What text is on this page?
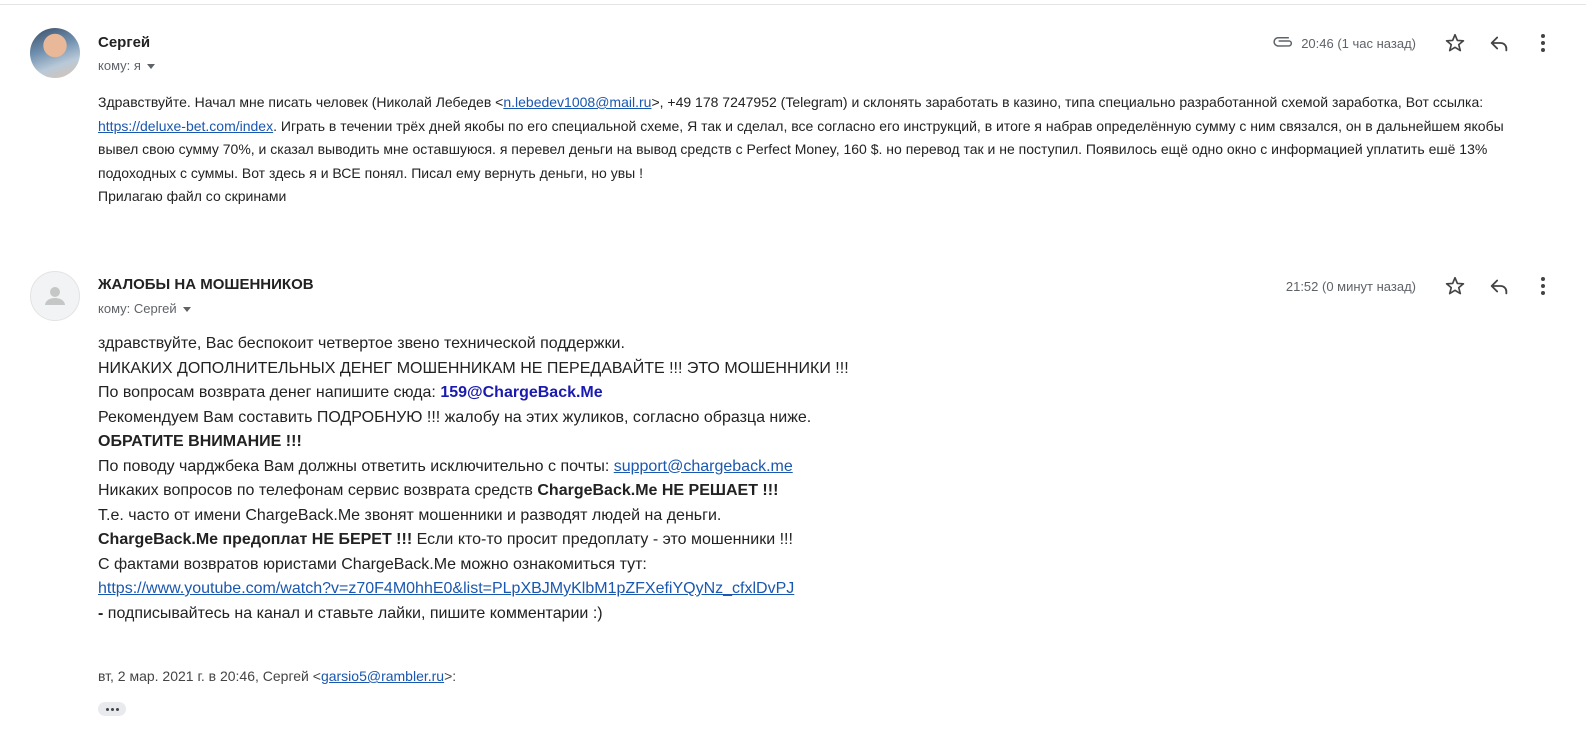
Сергей
кому: я
20:46 (1 час назад)
Здравствуйте. Начал мне писать человек (Николай Лебедев <n.lebedev1008@mail.ru>, +49 178 7247952 (Telegram) и склонять заработать в казино, типа специально разработанной схемой заработка, Вот ссылка: https://deluxe-bet.com/index. Играть в течении трёх дней якобы по его специальной схеме, Я так и сделал, все согласно его инструкций, в итоге я набрав определённую сумму с ним связался, он в дальнейшем якобы вывел свою сумму 70%, и сказал выводить мне оставшуюся. я перевел деньги на вывод средств с Perfect Money, 160 $. но перевод так и не поступил. Появилось ещё одно окно с информацией уплатить ешё 13% подоходных с суммы. Вот здесь я и ВСЕ понял. Писал ему вернуть деньги, но увы !
Прилагаю файл со скринами
ЖАЛОБЫ НА МОШЕННИКОВ
кому: Сергей
21:52 (0 минут назад)
здравствуйте, Вас беспокоит четвертое звено технической поддержки.
НИКАКИХ ДОПОЛНИТЕЛЬНЫХ ДЕНЕГ МОШЕННИКАМ НЕ ПЕРЕДАВАЙТЕ !!! ЭТО МОШЕННИКИ !!!
По вопросам возврата денег напишите сюда: 159@ChargeBack.Me
Рекомендуем Вам составить ПОДРОБНУЮ !!! жалобу на этих жуликов, согласно образца ниже.
ОБРАТИТЕ ВНИМАНИЕ !!!
По поводу чарджбека Вам должны ответить исключительно с почты: support@chargeback.me
Никаких вопросов по телефонам сервис возврата средств ChargeBack.Me НЕ РЕШАЕТ !!!
Т.е. часто от имени ChargeBack.Me звонят мошенники и разводят людей на деньги.
ChargeBack.Me предоплат НЕ БЕРЕТ !!! Если кто-то просит предоплату - это мошенники !!!
С фактами возвратов юристами ChargeBack.Me можно ознакомиться тут:
https://www.youtube.com/watch?v=z70F4M0hhE0&list=PLpXBJMyKlbM1pZFXefiYQyNz_cfxlDvPJ
- подписывайтесь на канал и ставьте лайки, пишите комментарии :)
вт, 2 мар. 2021 г. в 20:46, Сергей <garsio5@rambler.ru>:
